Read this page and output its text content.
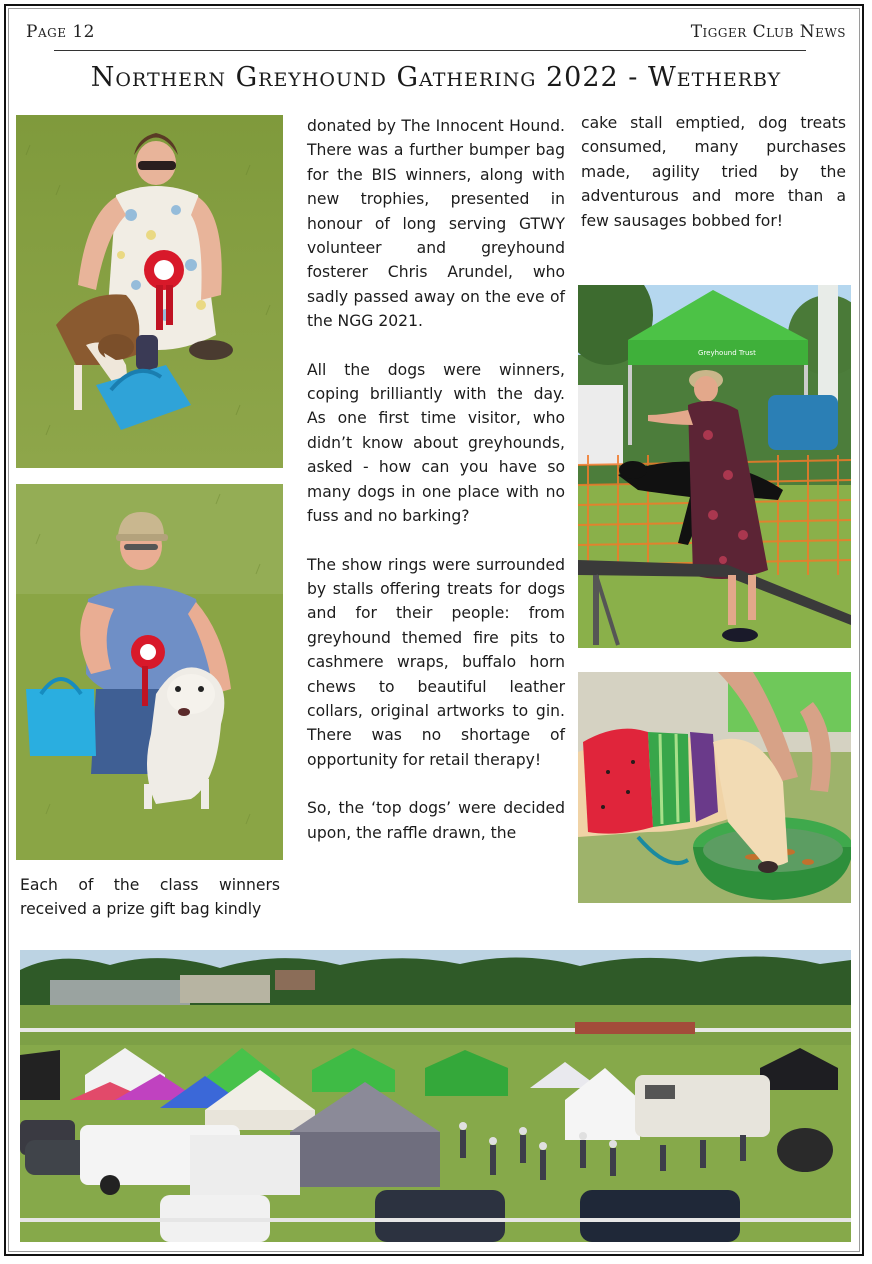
Page 12	Tigger Club News
Northern Greyhound Gathering 2022 - Wetherby
Greyhound Trust
Each of the class winners
received a prize gift bag kindly

donated by The Innocent Hound. There was a further bumper bag for the BIS winners, along with new trophies, presented in honour of long serving GTWY volunteer and greyhound fosterer Chris Arundel, who sadly passed away on the eve of the NGG 2021.

All the dogs were winners, coping brilliantly with the day. As one first time visitor, who didn’t know about greyhounds, asked - how can you have so many dogs in one place with no fuss and no barking?

The show rings were surrounded by stalls offering treats for dogs and for their people: from greyhound themed fire pits to cashmere wraps, buffalo horn chews to beautiful leather collars, original artworks to gin. There was no shortage of opportunity for retail therapy!

So, the ‘top dogs’ were decided upon, the raffle drawn, the

cake stall emptied, dog treats consumed, many purchases made, agility tried by the adventurous and more than a few sausages bobbed for!
